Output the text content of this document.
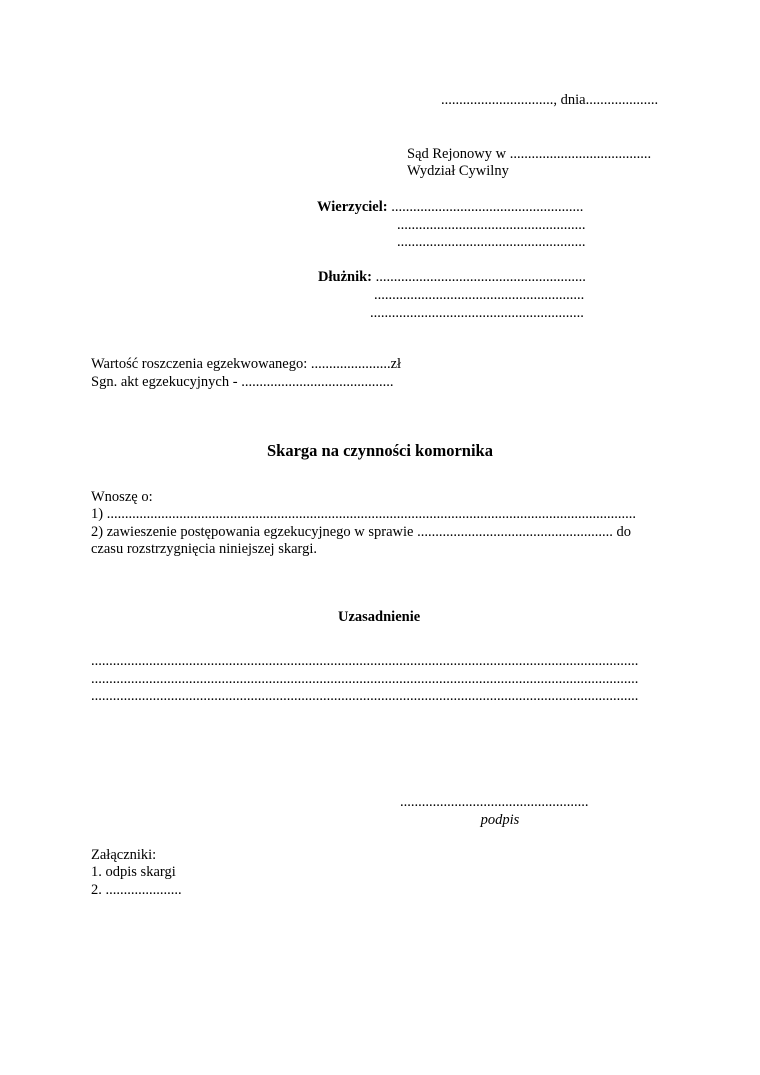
..............................., dnia....................
Sąd Rejonowy w .......................................
Wydział Cywilny
Wierzyciel: .....................................................
....................................................
....................................................
Dłużnik: ..........................................................
..........................................................
...........................................................
Wartość roszczenia egzekwowanego: ......................zł
Sgn. akt egzekucyjnych - ..........................................
Skarga na czynności komornika
Wnoszę o:
1) ..................................................................................................................................................
2) zawieszenie postępowania egzekucyjnego w sprawie ...................................................... do
czasu rozstrzygnięcia niniejszej skargi.
Uzasadnienie
.......................................................................................................................................................
.......................................................................................................................................................
.......................................................................................................................................................
....................................................
podpis
Załączniki:
1. odpis skargi
2. .....................
